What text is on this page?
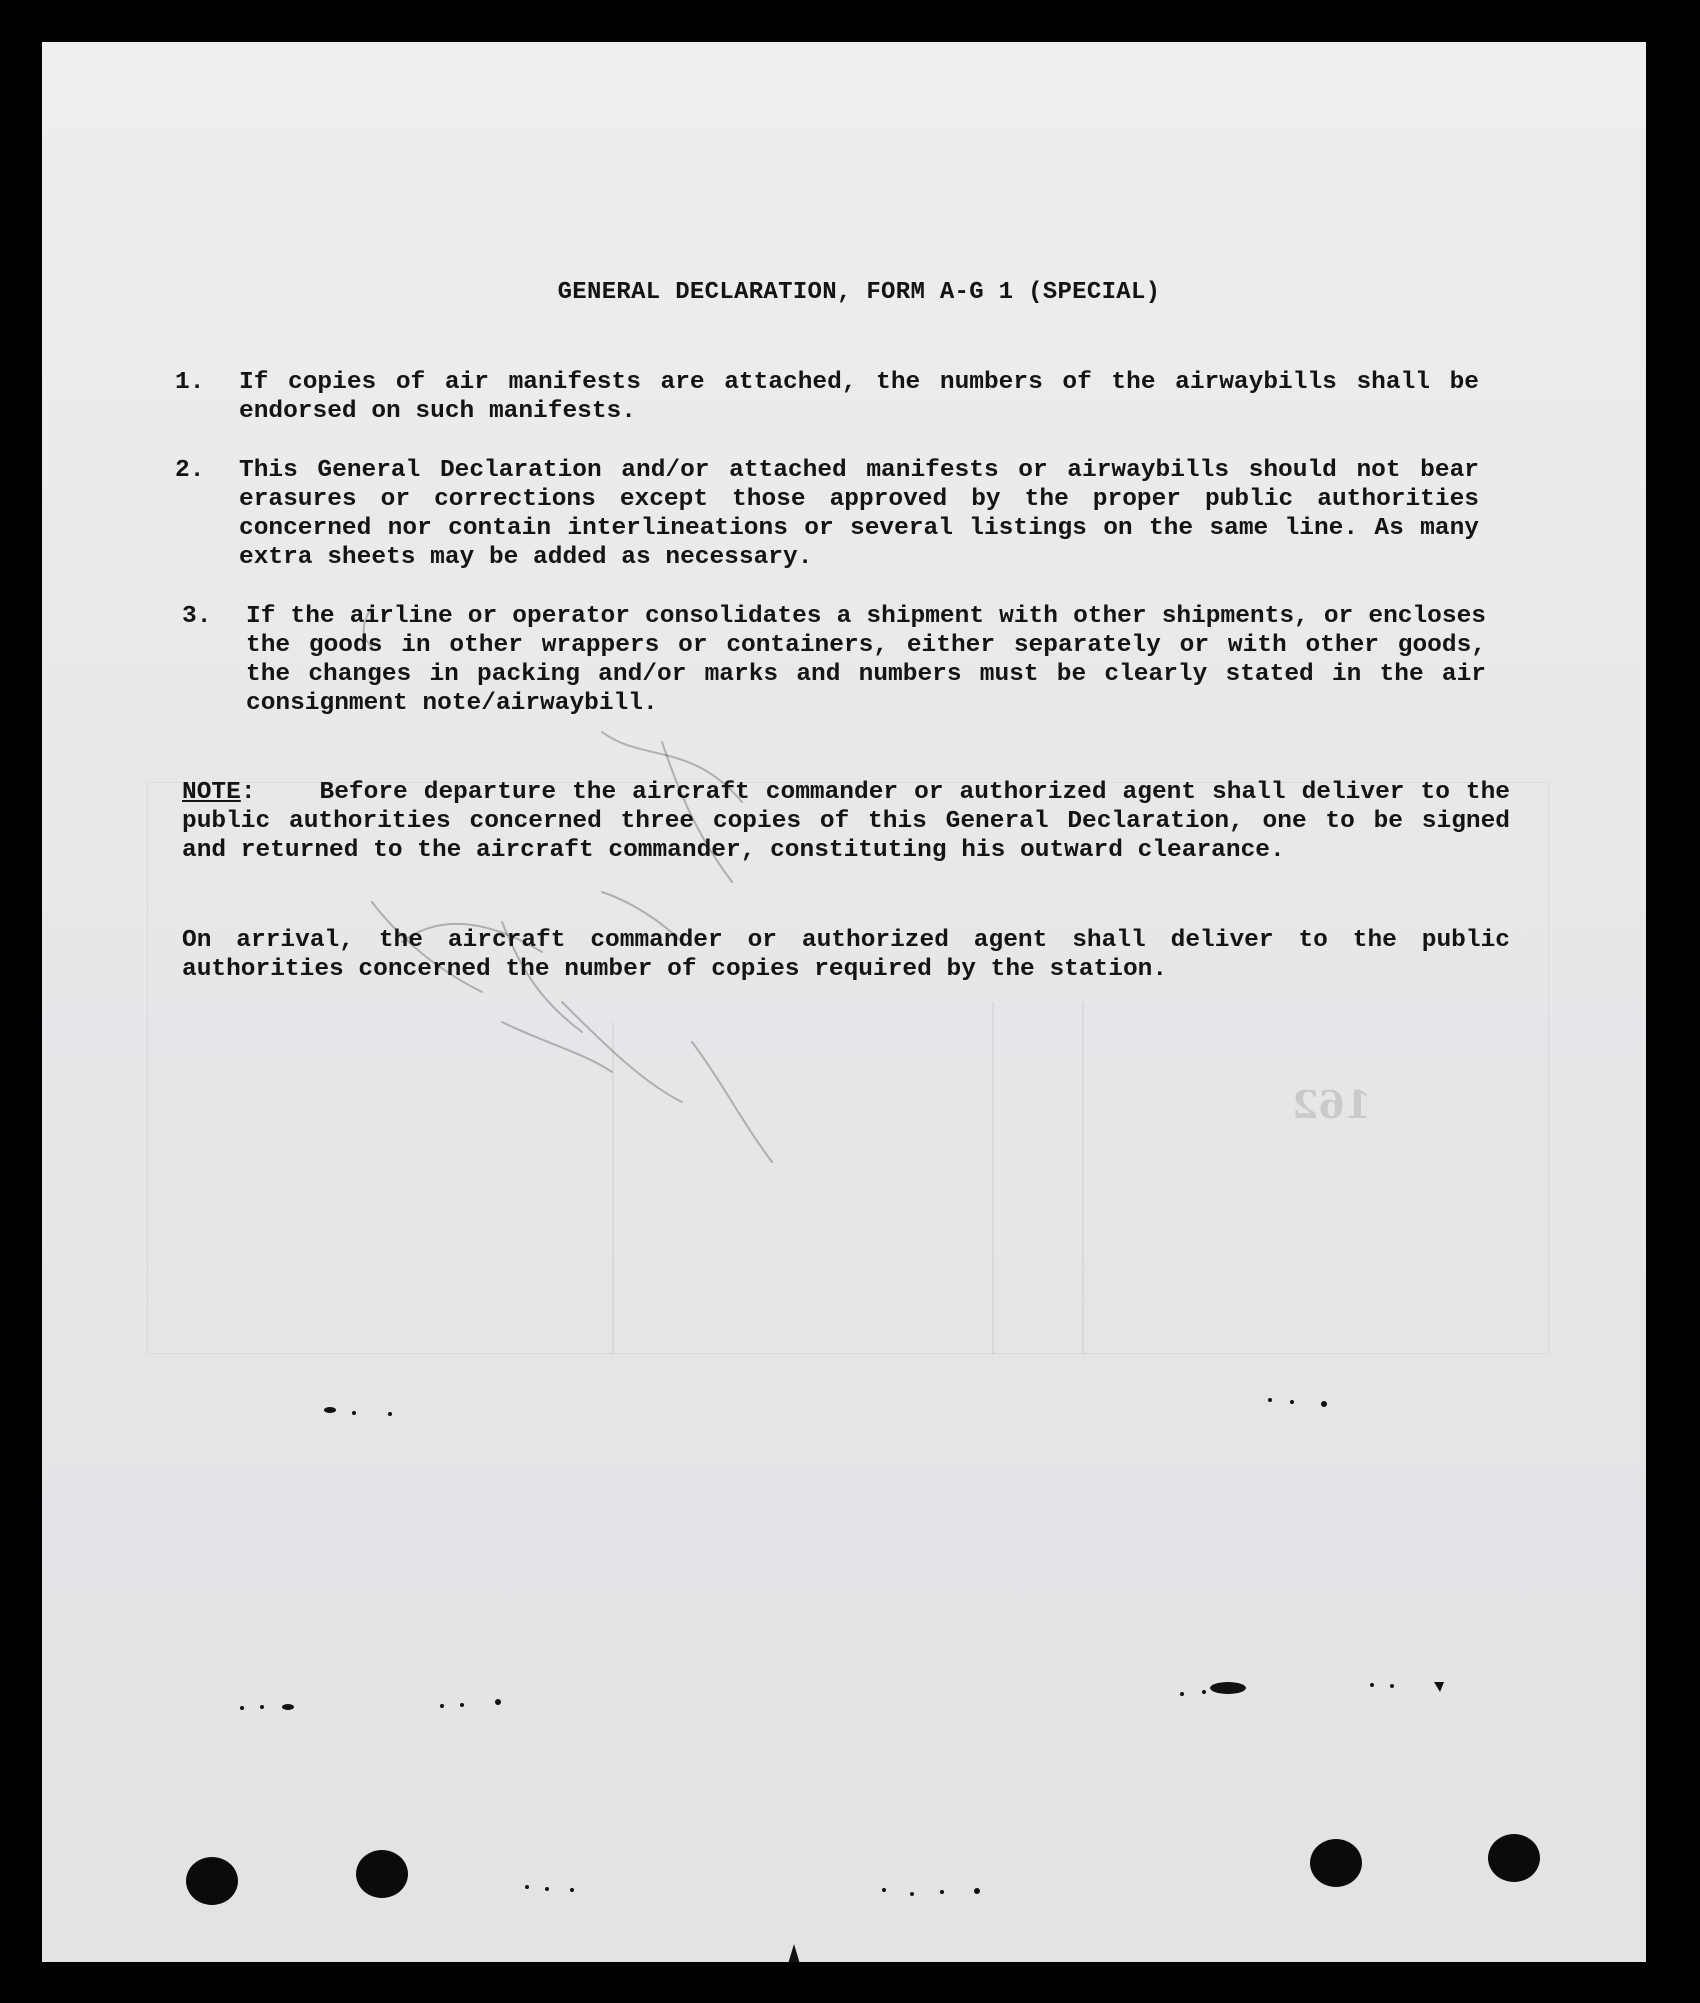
162
GENERAL DECLARATION, FORM A-G 1 (SPECIAL)
1.	If copies of air manifests are attached, the numbers of the airwaybills shall be endorsed on such manifests.
2.	This General Declaration and/or attached manifests or airwaybills should not bear erasures or corrections except those approved by the proper public authorities concerned nor contain interlineations or several listings on the same line. As many extra sheets may be added as necessary.
3.	If the airline or operator consolidates a shipment with other shipments, or encloses the goods in other wrappers or containers, either separately or with other goods, the changes in packing and/or marks and numbers must be clearly stated in the air consignment note/airwaybill.
NOTE:    Before departure the aircraft commander or authorized agent shall deliver to the public authorities concerned three copies of this General Declaration, one to be signed and returned to the aircraft commander, constituting his outward clearance.
On arrival, the aircraft commander or authorized agent shall deliver to the public authorities concerned the number of copies required by the station.
